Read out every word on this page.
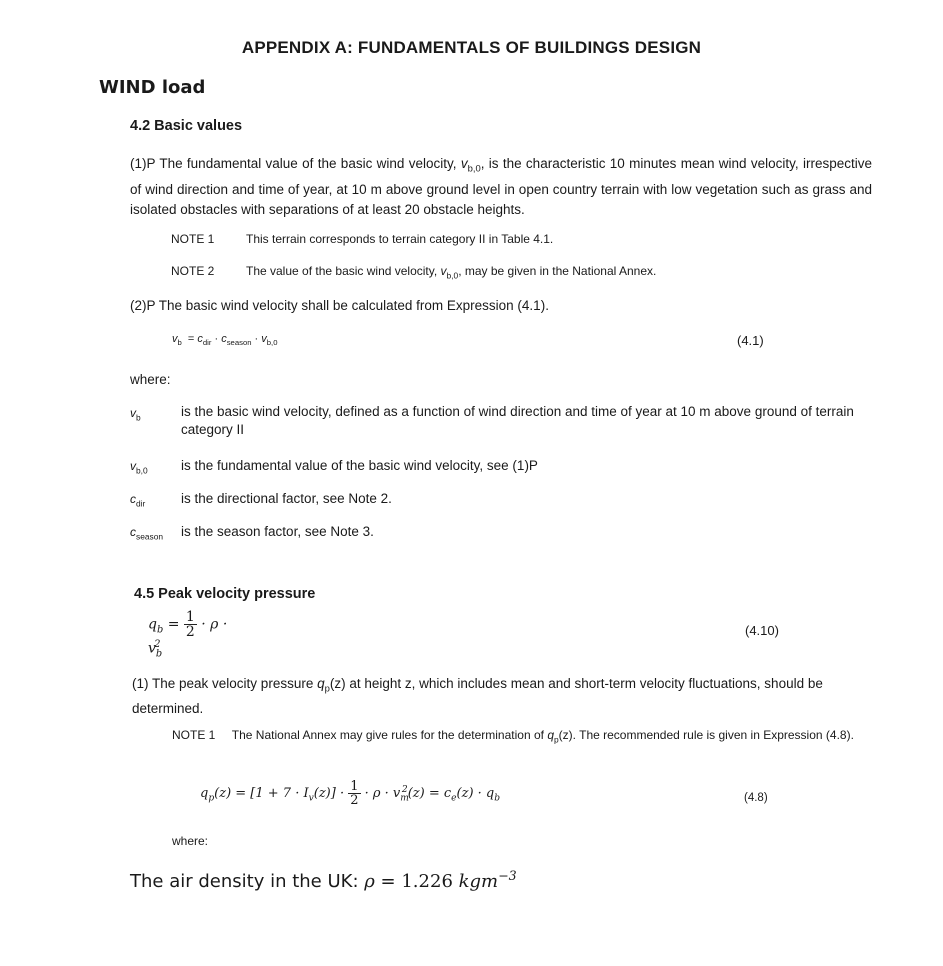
APPENDIX A: FUNDAMENTALS OF BUILDINGS DESIGN
WIND load
4.2 Basic values
(1)P The fundamental value of the basic wind velocity, $v_{b,0}$, is the characteristic 10 minutes mean wind velocity, irrespective of wind direction and time of year, at 10 m above ground level in open country terrain with low vegetation such as grass and isolated obstacles with separations of at least 20 obstacle heights.
NOTE 1	This terrain corresponds to terrain category II in Table 4.1.
NOTE 2	The value of the basic wind velocity, $v_{b,0}$, may be given in the National Annex.
(2)P The basic wind velocity shall be calculated from Expression (4.1).
$v_b = c_{dir} \cdot c_{season} \cdot v_{b,0}$	(4.1)
where:
$v_b$	is the basic wind velocity, defined as a function of wind direction and time of year at 10 m above ground of terrain category II
$v_{b,0}$ is the fundamental value of the basic wind velocity, see (1)P
$c_{dir}$	is the directional factor, see Note 2.
$c_{season}$ is the season factor, see Note 3.
4.5 Peak velocity pressure
$q_b = \frac{1}{2} \cdot \rho \cdot v_b^2$
(4.10)
(1) The peak velocity pressure $q_p(z)$ at height z, which includes mean and short-term velocity fluctuations, should be determined.
NOTE 1 The National Annex may give rules for the determination of $q_p(z)$. The recommended rule is given in Expression (4.8).
$q_p(z) = [1 + 7 \cdot I_v(z)] \cdot \frac{1}{2} \cdot \rho \cdot v_m^2(z) = c_e(z) \cdot q_b$	(4.8)
where:
The air density in the UK: ρ = 1.226 kgm$^{-3}$
